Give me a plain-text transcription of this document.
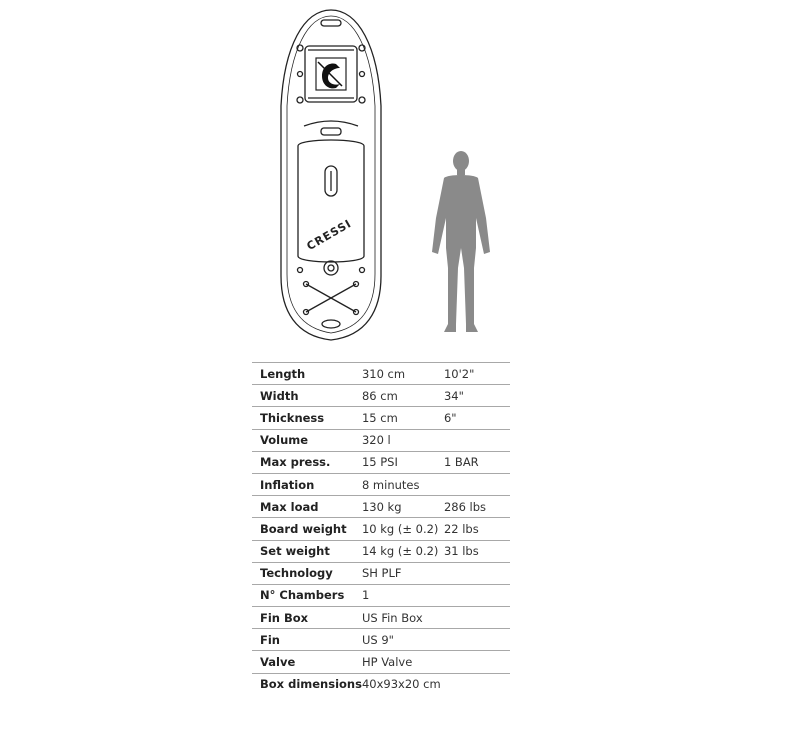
CRESSI
Length	310 cm	10'2"
Width	86 cm	34"
Thickness	15 cm	6"
Volume	320 l	
Max press.	15 PSI	1 BAR
Inflation	8 minutes	
Max load	130 kg	286 lbs
Board weight	10 kg (± 0.2)	22 lbs
Set weight	14 kg (± 0.2)	31 lbs
Technology	SH PLF	
N° Chambers	1	
Fin Box	US Fin Box	
Fin	US 9"	
Valve	HP Valve	
Box dimensions	40x93x20 cm	
